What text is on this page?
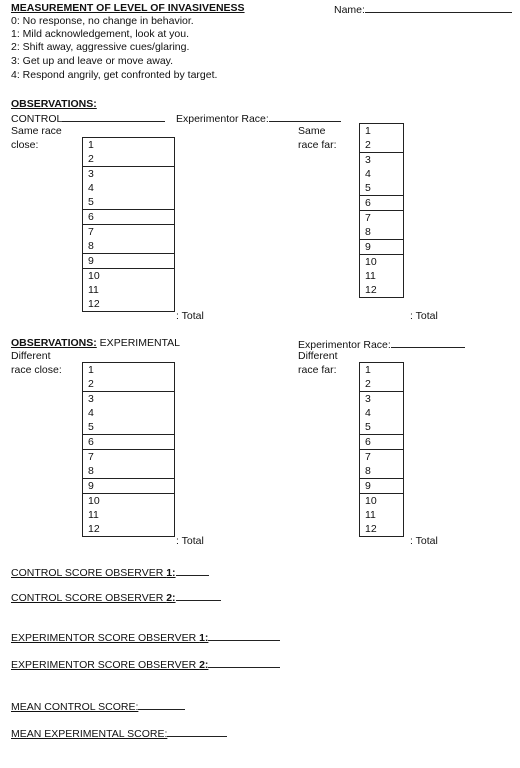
MEASUREMENT OF LEVEL OF INVASIVENESS	Name:
0: No response, no change in behavior.
1: Mild acknowledgement, look at you.
2: Shift away, aggressive cues/glaring.
3: Get up and leave or move away.
4: Respond angrily, get confronted by target.
OBSERVATIONS:
CONTROL	Experimentor Race:
Same race
close:
Same
race far:
1
2
3
4
5
6
7
8
9
10
11
12
1
2
3
4
5
6
7
8
9
10
11
12
: Total	: Total
OBSERVATIONS: EXPERIMENTAL	Experimentor Race:
Different
race close:
Different
race far:
1
2
3
4
5
6
7
8
9
10
11
12
1
2
3
4
5
6
7
8
9
10
11
12
: Total	: Total
CONTROL SCORE OBSERVER 1:
CONTROL SCORE OBSERVER 2:
EXPERIMENTOR SCORE OBSERVER 1:
EXPERIMENTOR SCORE OBSERVER 2:
MEAN CONTROL SCORE:
MEAN EXPERIMENTAL SCORE:
